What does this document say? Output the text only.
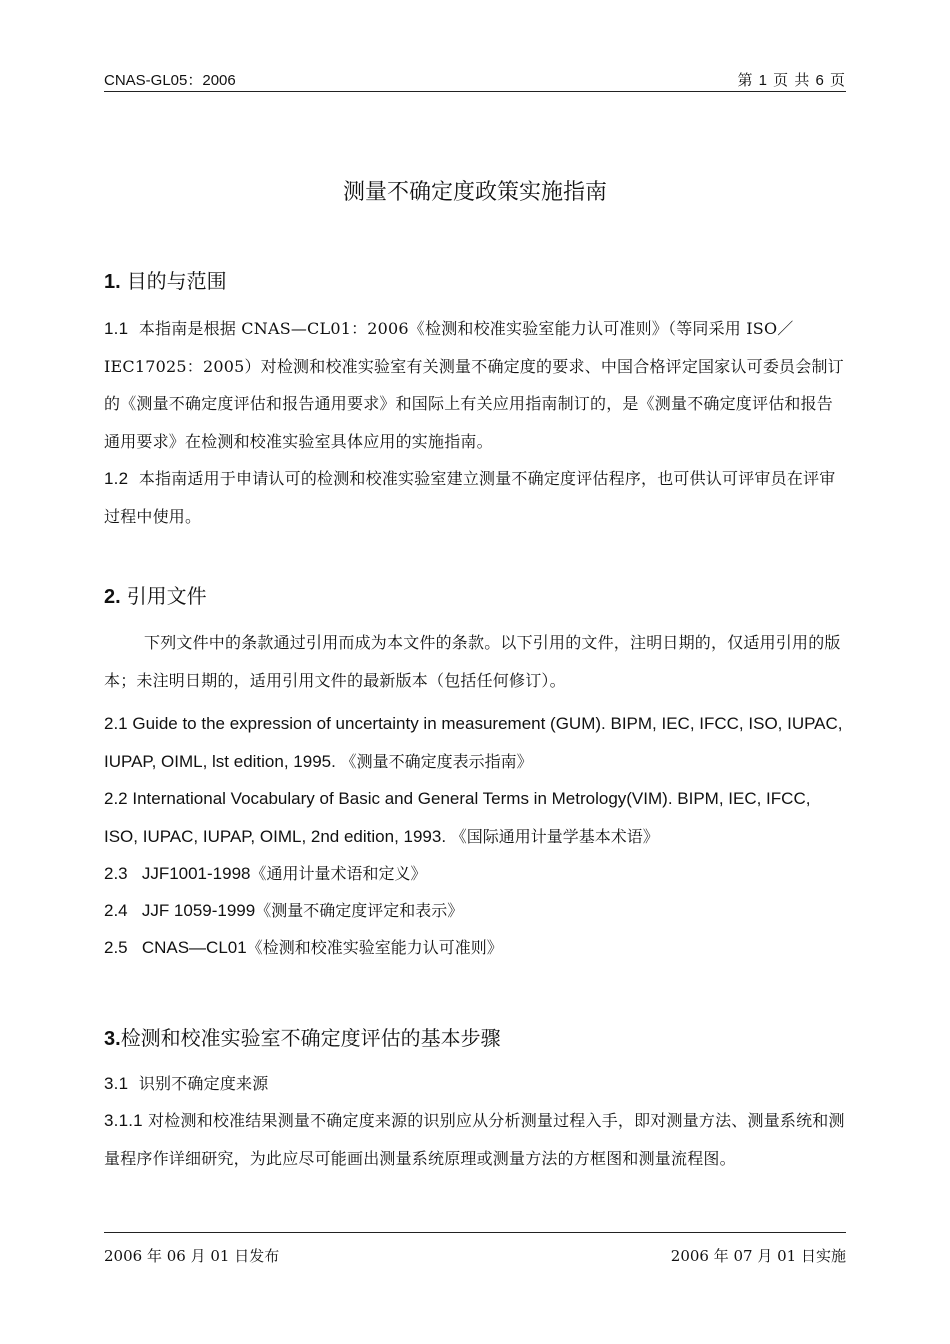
CNAS-GL05：2006	第 1 页 共 6 页
测量不确定度政策实施指南
1. 目的与范围
1.1 本指南是根据 CNAS—CL01：2006《检测和校准实验室能力认可准则》（等同采用 ISO／IEC17025：2005）对检测和校准实验室有关测量不确定度的要求、中国合格评定国家认可委员会制订的《测量不确定度评估和报告通用要求》和国际上有关应用指南制订的，是《测量不确定度评估和报告通用要求》在检测和校准实验室具体应用的实施指南。
1.2 本指南适用于申请认可的检测和校准实验室建立测量不确定度评估程序，也可供认可评审员在评审过程中使用。
2. 引用文件
下列文件中的条款通过引用而成为本文件的条款。以下引用的文件，注明日期的，仅适用引用的版本；未注明日期的，适用引用文件的最新版本（包括任何修订）。
2.1 Guide to the expression of uncertainty in measurement (GUM). BIPM, IEC, IFCC, ISO, IUPAC, IUPAP, OIML, lst edition, 1995. 《测量不确定度表示指南》
2.2 International Vocabulary of Basic and General Terms in Metrology(VIM). BIPM, IEC, IFCC, ISO, IUPAC, IUPAP, OIML, 2nd edition, 1993. 《国际通用计量学基本术语》
2.3 JJF1001-1998《通用计量术语和定义》
2.4 JJF 1059-1999《测量不确定度评定和表示》
2.5 CNAS—CL01《检测和校准实验室能力认可准则》
3.检测和校准实验室不确定度评估的基本步骤
3.1 识别不确定度来源
3.1.1 对检测和校准结果测量不确定度来源的识别应从分析测量过程入手，即对测量方法、测量系统和测量程序作详细研究，为此应尽可能画出测量系统原理或测量方法的方框图和测量流程图。
2006 年 06 月 01 日发布	2006 年 07 月 01 日实施
